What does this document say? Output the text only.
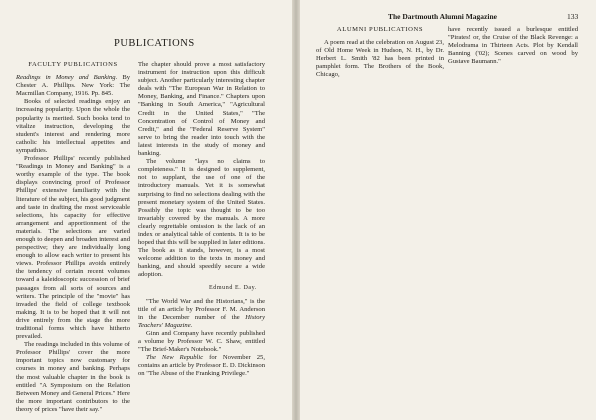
PUBLICATIONS
FACULTY PUBLICATIONS

Readings in Money and Banking. By Chester A. Phillips. New York: The Macmillan Company, 1916. Pp. 845.

Books of selected readings enjoy an increasing popularity. Upon the whole the popularity is merited. Such books tend to vitalize instruction, developing the student's interest and rendering more catholic his intellectual appetites and sympathies.

Professor Phillips' recently published "Readings in Money and Banking" is a worthy example of the type. The book displays convincing proof of Professor Phillips' extensive familiarity with the literature of the subject, his good judgment and taste in drafting the most serviceable selections, his capacity for effective arrangement and apportionment of the materials. The selections are varied enough to deepen and broaden interest and perspective; they are individually long enough to allow each writer to present his views. Professor Phillips avoids entirely the tendency of certain recent volumes toward a kaleidoscopic succession of brief passages from all sorts of sources and writers. The principle of the "movie" has invaded the field of college textbook making. It is to be hoped that it will not drive entirely from the stage the more traditional forms which have hitherto prevailed.

The readings included in this volume of Professor Phillips' cover the more important topics now customary for courses in money and banking. Perhaps the most valuable chapter in the book is entitled "A Symposium on the Relation Between Money and General Prices." Here the more important contributors to the theory of prices "have their say."

The chapter should prove a most satisfactory instrument for instruction upon this difficult subject. Another particularly interesting chapter deals with "The European War in Relation to Money, Banking, and Finance." Chapters upon "Banking in South America," "Agricultural Credit in the United States," "The Concentration of Control of Money and Credit," and the "Federal Reserve System" serve to bring the reader into touch with the latest interests in the study of money and banking.

The volume "lays no claims to completeness." It is designed to supplement, not to supplant, the use of one of the introductory manuals. Yet it is somewhat surprising to find no selections dealing with the present monetary system of the United States. Possibly the topic was thought to be too invariably covered by the manuals. A more clearly regrettable omission is the lack of an index or analytical table of contents. It is to be hoped that this will be supplied in later editions. The book as it stands, however, is a most welcome addition to the texts in money and banking, and should speedily secure a wide adoption.

Edmund E. Day.

"The World War and the Historians," is the title of an article by Professor F. M. Anderson in the December number of the History Teachers' Magazine.

Ginn and Company have recently published a volume by Professor W. C. Shaw, entitled "The Brief-Maker's Notebook."

The New Republic for November 25, contains an article by Professor E. D. Dickinson on "The Abuse of the Franking Privilege."

The Dartmouth Alumni Magazine	133
ALUMNI PUBLICATIONS

A poem read at the celebration on August 23, of Old Home Week in Hudson, N. H., by Dr. Herbert L. Smith '82 has been printed in pamphlet form. The Brothers of the Book, Chicago,

have recently issued a burlesque entitled "Pirates! or, the Cruise of the Black Revenge: a Melodrama in Thirteen Acts. Plot by Kendall Banning ('02); Scenes carved on wood by Gustave Baumann."
